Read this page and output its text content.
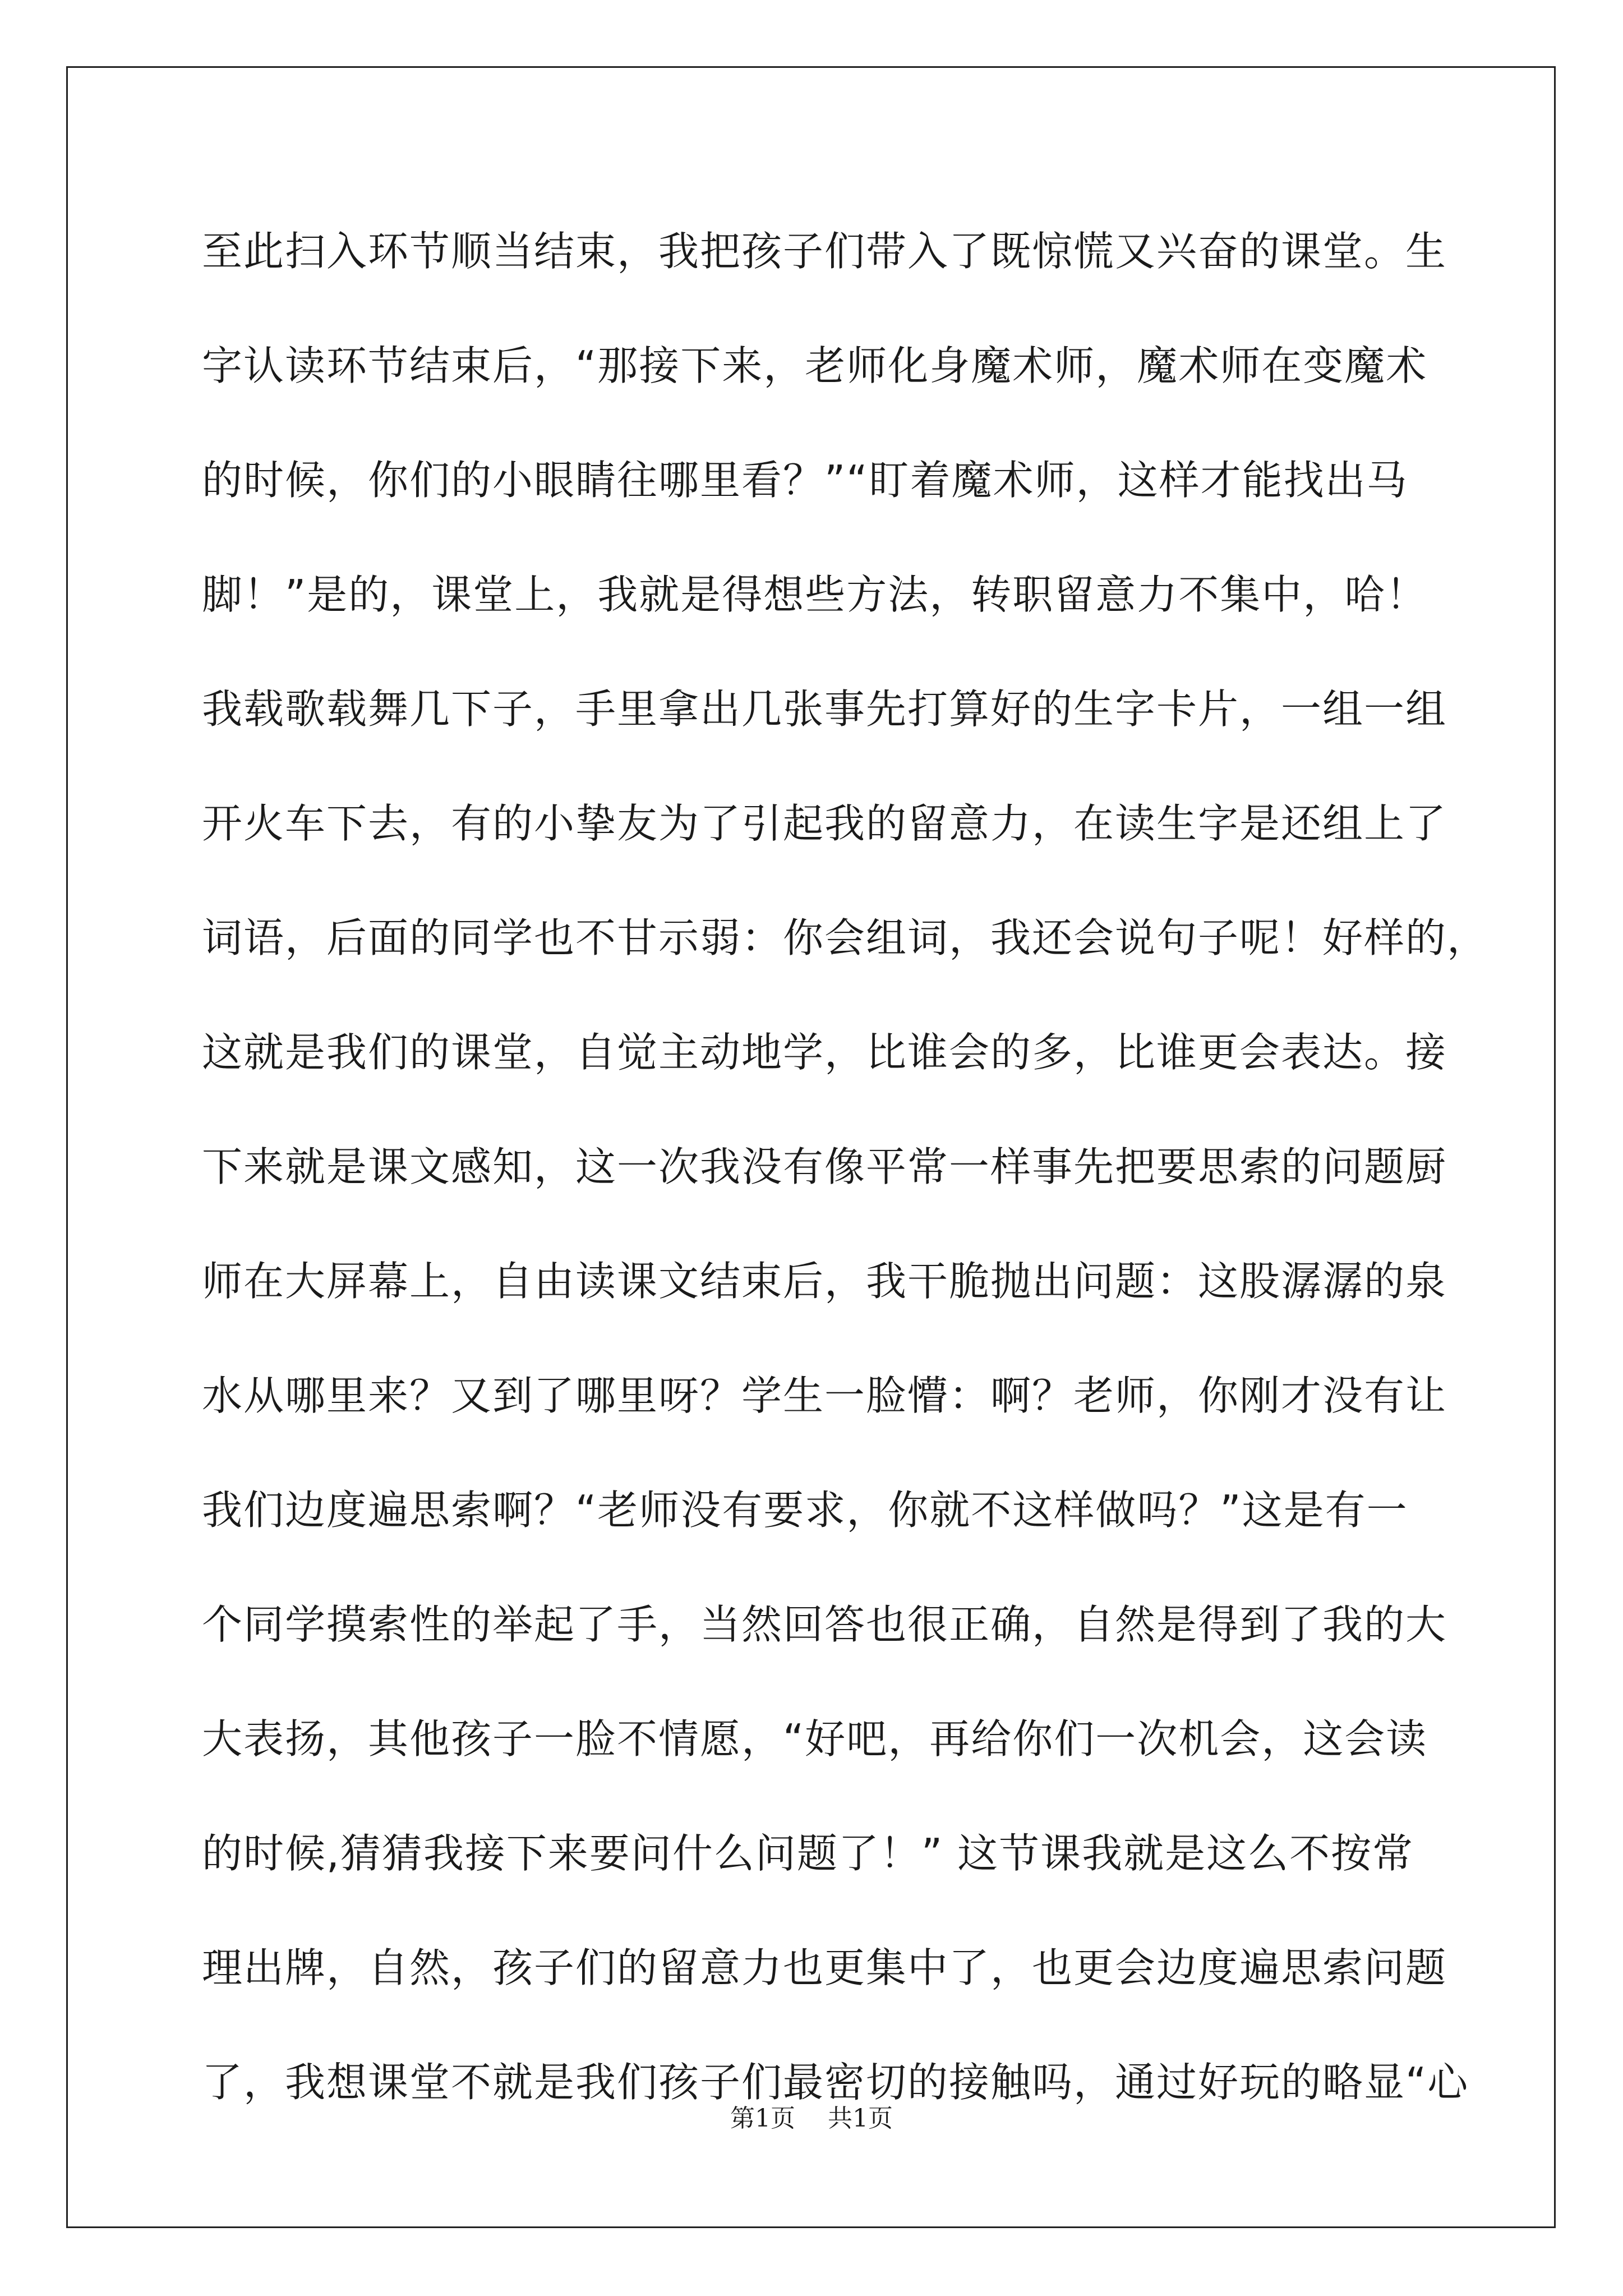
至此扫入环节顺当结束，我把孩子们带入了既惊慌又兴奋的课堂。生
字认读环节结束后，“那接下来，老师化身魔术师，魔术师在变魔术
的时候，你们的小眼睛往哪里看？”“盯着魔术师，这样才能找出马
脚！”是的，课堂上，我就是得想些方法，转职留意力不集中，哈！
我载歌载舞几下子，手里拿出几张事先打算好的生字卡片，一组一组
开火车下去，有的小挚友为了引起我的留意力，在读生字是还组上了
词语，后面的同学也不甘示弱：你会组词，我还会说句子呢！好样的，
这就是我们的课堂，自觉主动地学，比谁会的多，比谁更会表达。接
下来就是课文感知，这一次我没有像平常一样事先把要思索的问题厨
师在大屏幕上，自由读课文结束后，我干脆抛出问题：这股潺潺的泉
水从哪里来？又到了哪里呀？学生一脸懵：啊？老师，你刚才没有让
我们边度遍思索啊？“老师没有要求，你就不这样做吗？”这是有一
个同学摸索性的举起了手，当然回答也很正确，自然是得到了我的大
大表扬，其他孩子一脸不情愿，“好吧，再给你们一次机会，这会读
的时候,猜猜我接下来要问什么问题了！” 这节课我就是这么不按常
理出牌，自然，孩子们的留意力也更集中了，也更会边度遍思索问题
了，我想课堂不就是我们孩子们最密切的接触吗，通过好玩的略显“心
第1页 共1页
